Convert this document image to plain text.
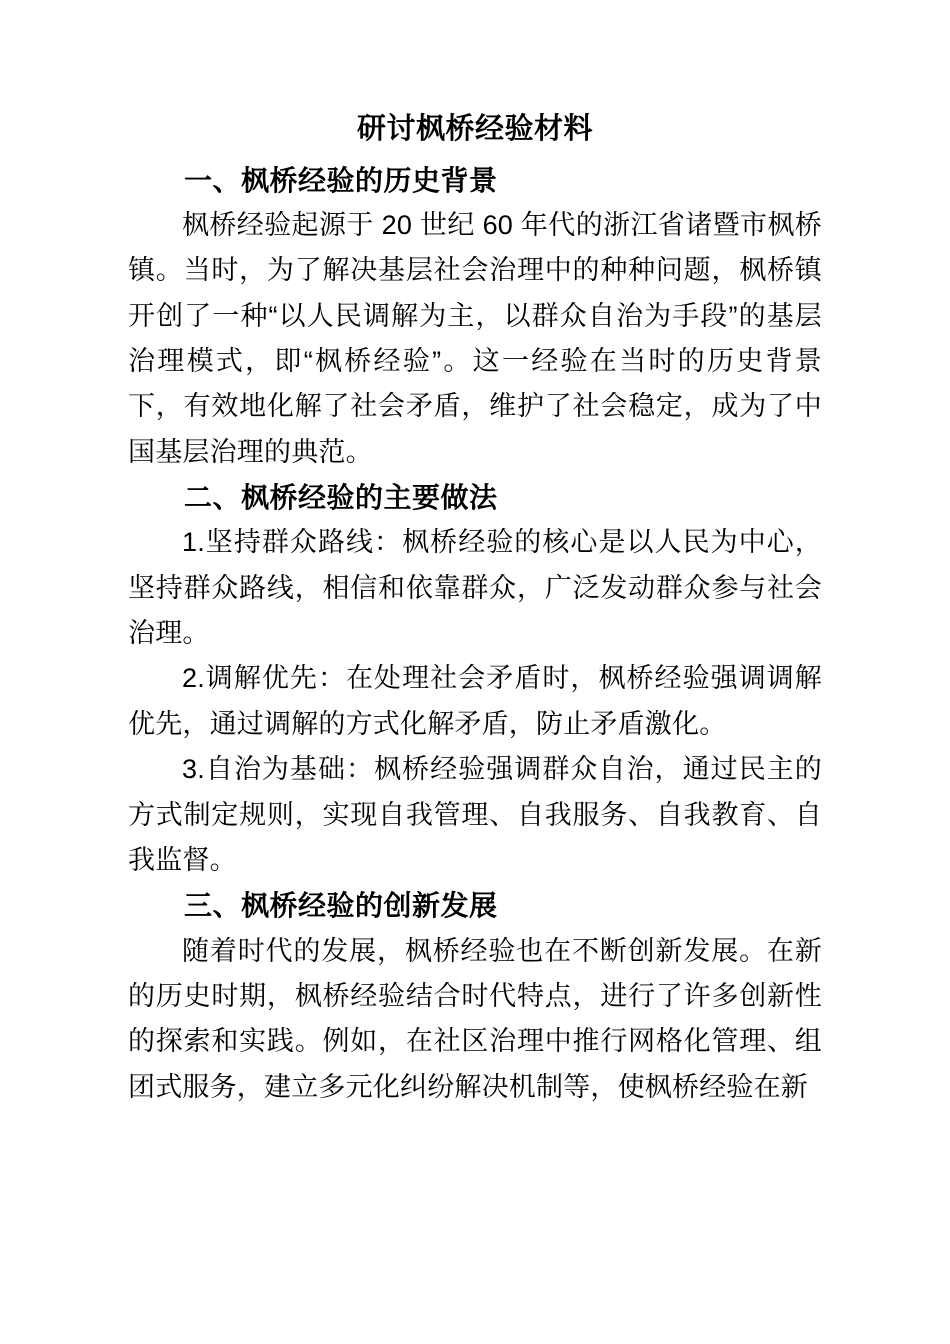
研讨枫桥经验材料
一、枫桥经验的历史背景

枫桥经验起源于 20 世纪 60 年代的浙江省诸暨市枫桥镇。当时，为了解决基层社会治理中的种种问题，枫桥镇开创了一种“以人民调解为主，以群众自治为手段”的基层治理模式，即“枫桥经验”。这一经验在当时的历史背景下，有效地化解了社会矛盾，维护了社会稳定，成为了中国基层治理的典范。

二、枫桥经验的主要做法

1.坚持群众路线：枫桥经验的核心是以人民为中心，坚持群众路线，相信和依靠群众，广泛发动群众参与社会治理。

2.调解优先：在处理社会矛盾时，枫桥经验强调调解优先，通过调解的方式化解矛盾，防止矛盾激化。

3.自治为基础：枫桥经验强调群众自治，通过民主的方式制定规则，实现自我管理、自我服务、自我教育、自我监督。

三、枫桥经验的创新发展

随着时代的发展，枫桥经验也在不断创新发展。在新的历史时期，枫桥经验结合时代特点，进行了许多创新性的探索和实践。例如，在社区治理中推行网格化管理、组团式服务，建立多元化纠纷解决机制等，使枫桥经验在新
